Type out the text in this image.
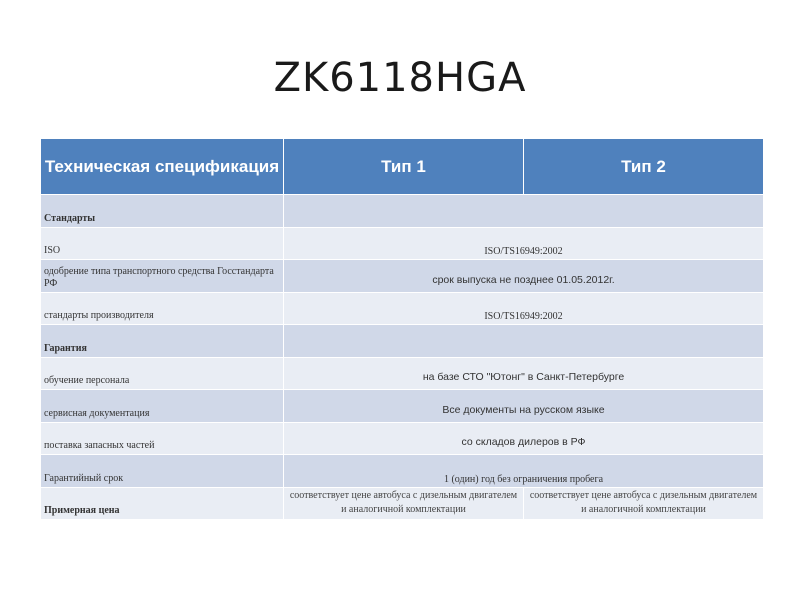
ZK6118HGA
Техническая спецификация	Тип 1	Тип 2
Стандарты		
ISO	ISO/TS16949:2002	
одобрение типа транспортного средства Госстандарта РФ	срок выпуска не позднее 01.05.2012г.	
стандарты производителя	ISO/TS16949:2002	
Гарантия		
обучение персонала	на базе СТО "Ютонг" в Санкт-Петербурге	
сервисная документация	Все документы на русском языке	
поставка запасных частей	со складов дилеров в РФ	
Гарантийный срок	1 (один) год без ограничения пробега	
Примерная цена	соответствует цене автобуса с дизельным двигателем и аналогичной комплектации	соответствует цене автобуса с дизельным двигателем и аналогичной комплектации
